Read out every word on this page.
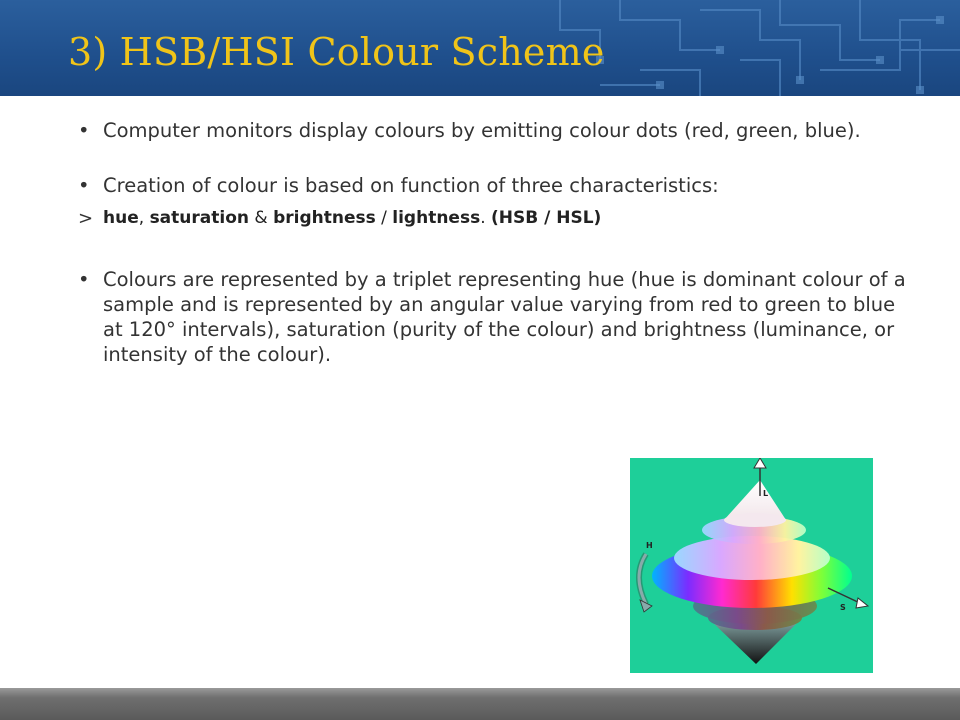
3) HSB/HSI Colour Scheme
• Computer monitors display colours by emitting colour dots (red, green, blue).
• Creation of colour is based on function of three characteristics:
> hue, saturation & brightness / lightness. (HSB / HSL)
• Colours are represented by a triplet representing hue (hue is dominant colour of a sample and is represented by an angular value varying from red to green to blue at 120° intervals), saturation (purity of the colour) and brightness (luminance, or intensity of the colour).
L
H
S
